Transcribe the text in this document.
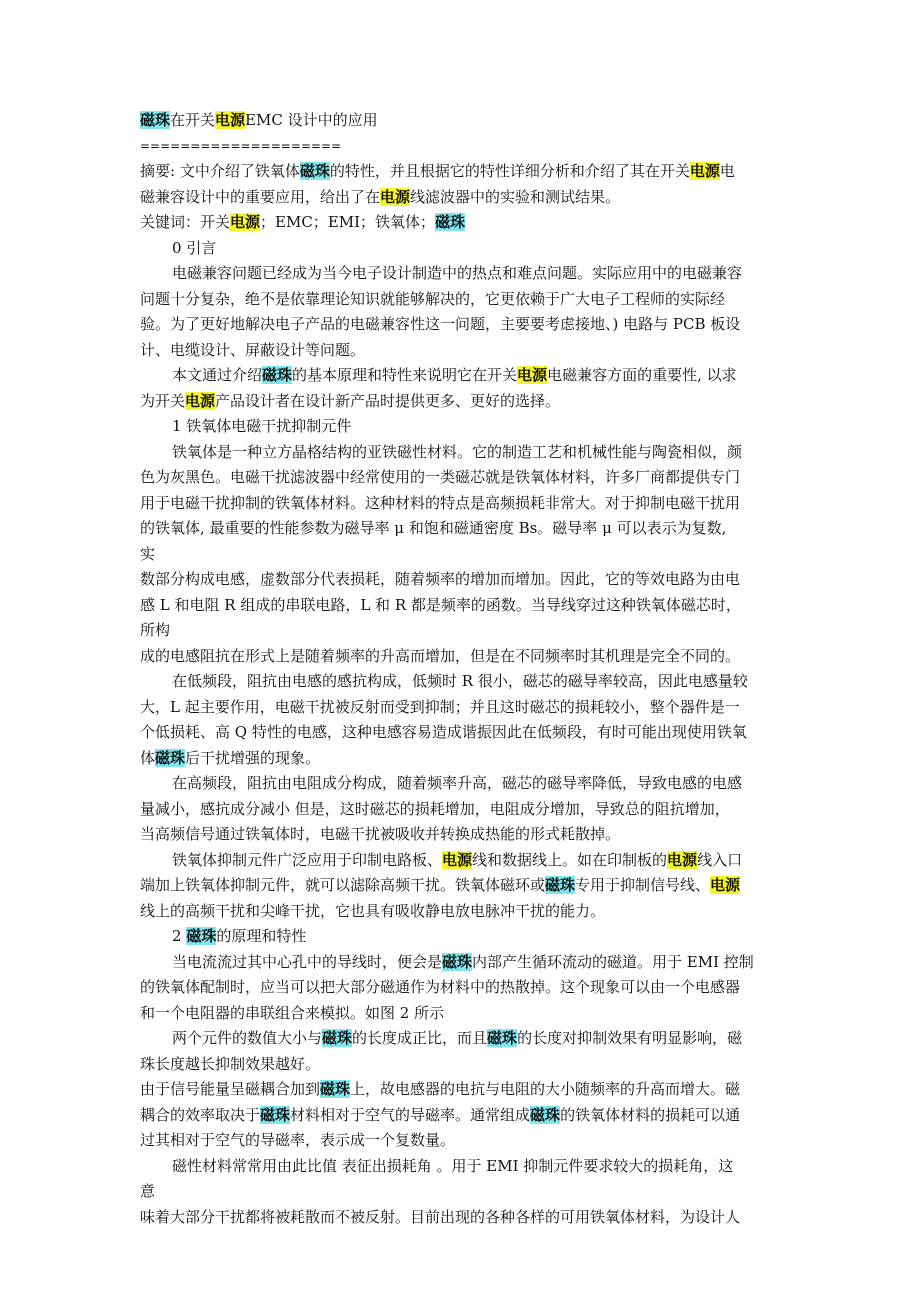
磁珠在开关电源EMC 设计中的应用
====================
摘要: 文中介绍了铁氧体磁珠的特性，并且根据它的特性详细分析和介绍了其在开关电源电
磁兼容设计中的重要应用，给出了在电源线滤波器中的实验和测试结果。
关键词：开关电源；EMC；EMI；铁氧体；磁珠
0 引言
电磁兼容问题已经成为当今电子设计制造中的热点和难点问题。实际应用中的电磁兼容
问题十分复杂，绝不是依靠理论知识就能够解决的，它更依赖于广大电子工程师的实际经
验。为了更好地解决电子产品的电磁兼容性这一问题，主要要考虑接地、) 电路与 PCB 板设
计、电缆设计、屏蔽设计等问题。
本文通过介绍磁珠的基本原理和特性来说明它在开关电源电磁兼容方面的重要性, 以求
为开关电源产品设计者在设计新产品时提供更多、更好的选择。
1 铁氧体电磁干扰抑制元件
铁氧体是一种立方晶格结构的亚铁磁性材料。它的制造工艺和机械性能与陶瓷相似，颜
色为灰黑色。电磁干扰滤波器中经常使用的一类磁芯就是铁氧体材料，许多厂商都提供专门
用于电磁干扰抑制的铁氧体材料。这种材料的特点是高频损耗非常大。对于抑制电磁干扰用
的铁氧体, 最重要的性能参数为磁导率 μ 和饱和磁通密度 Bs。磁导率 μ 可以表示为复数,
实
数部分构成电感，虚数部分代表损耗，随着频率的增加而增加。因此，它的等效电路为由电
感 L 和电阻 R 组成的串联电路，L 和 R 都是频率的函数。当导线穿过这种铁氧体磁芯时，
所构
成的电感阻抗在形式上是随着频率的升高而增加，但是在不同频率时其机理是完全不同的。
在低频段，阻抗由电感的感抗构成，低频时 R 很小，磁芯的磁导率较高，因此电感量较
大，L 起主要作用，电磁干扰被反射而受到抑制；并且这时磁芯的损耗较小，整个器件是一
个低损耗、高 Q 特性的电感，这种电感容易造成谐振因此在低频段，有时可能出现使用铁氧
体磁珠后干扰增强的现象。
在高频段，阻抗由电阻成分构成，随着频率升高，磁芯的磁导率降低，导致电感的电感
量减小，感抗成分减小 但是，这时磁芯的损耗增加，电阻成分增加，导致总的阻抗增加，
当高频信号通过铁氧体时，电磁干扰被吸收并转换成热能的形式耗散掉。
铁氧体抑制元件广泛应用于印制电路板、电源线和数据线上。如在印制板的电源线入口
端加上铁氧体抑制元件，就可以滤除高频干扰。铁氧体磁环或磁珠专用于抑制信号线、电源
线上的高频干扰和尖峰干扰，它也具有吸收静电放电脉冲干扰的能力。
2 磁珠的原理和特性
当电流流过其中心孔中的导线时，便会是磁珠内部产生循环流动的磁道。用于 EMI 控制
的铁氧体配制时，应当可以把大部分磁通作为材料中的热散掉。这个现象可以由一个电感器
和一个电阻器的串联组合来模拟。如图 2 所示
两个元件的数值大小与磁珠的长度成正比，而且磁珠的长度对抑制效果有明显影响，磁
珠长度越长抑制效果越好。
由于信号能量呈磁耦合加到磁珠上，故电感器的电抗与电阻的大小随频率的升高而增大。磁
耦合的效率取决于磁珠材料相对于空气的导磁率。通常组成磁珠的铁氧体材料的损耗可以通
过其相对于空气的导磁率，表示成一个复数量。
磁性材料常常用由此比值 表征出损耗角 。用于 EMI 抑制元件要求较大的损耗角，这
意
味着大部分干扰都将被耗散而不被反射。目前出现的各种各样的可用铁氧体材料，为设计人
